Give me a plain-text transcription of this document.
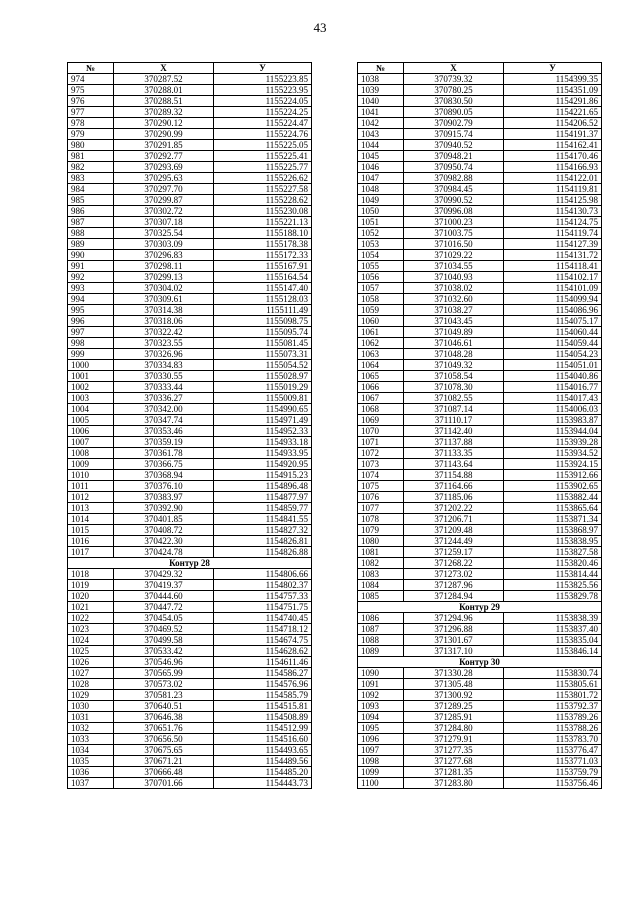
43
№	X	У
974	370287.52	1155223.85
975	370288.01	1155223.95
976	370288.51	1155224.05
977	370289.32	1155224.25
978	370290.12	1155224.47
979	370290.99	1155224.76
980	370291.85	1155225.05
981	370292.77	1155225.41
982	370293.69	1155225.77
983	370295.63	1155226.62
984	370297.70	1155227.58
985	370299.87	1155228.62
986	370302.72	1155230.08
987	370307.18	1155221.13
988	370325.54	1155188.10
989	370303.09	1155178.38
990	370296.83	1155172.33
991	370298.11	1155167.91
992	370299.13	1155164.54
993	370304.02	1155147.40
994	370309.61	1155128.03
995	370314.38	1155111.49
996	370318.06	1155098.75
997	370322.42	1155095.74
998	370323.55	1155081.45
999	370326.96	1155073.31
1000	370334.83	1155054.52
1001	370330.55	1155028.97
1002	370333.44	1155019.29
1003	370336.27	1155009.81
1004	370342.00	1154990.65
1005	370347.74	1154971.49
1006	370353.46	1154952.33
1007	370359.19	1154933.18
1008	370361.78	1154933.95
1009	370366.75	1154920.95
1010	370368.94	1154915.23
1011	370376.10	1154896.48
1012	370383.97	1154877.97
1013	370392.90	1154859.77
1014	370401.85	1154841.55
1015	370408.72	1154827.32
1016	370422.30	1154826.81
1017	370424.78	1154826.88
Контур 28		
1018	370429.32	1154806.66
1019	370419.37	1154802.37
1020	370444.60	1154757.33
1021	370447.72	1154751.75
1022	370454.05	1154740.45
1023	370469.52	1154718.12
1024	370499.58	1154674.75
1025	370533.42	1154628.62
1026	370546.96	1154611.46
1027	370565.99	1154586.27
1028	370573.02	1154576.96
1029	370581.23	1154585.79
1030	370640.51	1154515.81
1031	370646.38	1154508.89
1032	370651.76	1154512.99
1033	370656.50	1154516.60
1034	370675.65	1154493.65
1035	370671.21	1154489.56
1036	370666.48	1154485.20
1037	370701.66	1154443.73
№	X	У
1038	370739.32	1154399.35
1039	370780.25	1154351.09
1040	370830.50	1154291.86
1041	370890.05	1154221.65
1042	370902.79	1154206.52
1043	370915.74	1154191.37
1044	370940.52	1154162.41
1045	370948.21	1154170.46
1046	370950.74	1154166.93
1047	370982.88	1154122.01
1048	370984.45	1154119.81
1049	370990.52	1154125.98
1050	370996.08	1154130.73
1051	371000.23	1154124.75
1052	371003.75	1154119.74
1053	371016.50	1154127.39
1054	371029.22	1154131.72
1055	371034.55	1154118.41
1056	371040.93	1154102.17
1057	371038.02	1154101.09
1058	371032.60	1154099.94
1059	371038.27	1154086.96
1060	371043.45	1154075.17
1061	371049.89	1154060.44
1062	371046.61	1154059.44
1063	371048.28	1154054.23
1064	371049.32	1154051.01
1065	371058.54	1154040.86
1066	371078.30	1154016.77
1067	371082.55	1154017.43
1068	371087.14	1154006.03
1069	371110.17	1153983.87
1070	371142.40	1153944.04
1071	371137.88	1153939.28
1072	371133.35	1153934.52
1073	371143.64	1153924.15
1074	371154.88	1153912.66
1075	371164.66	1153902.65
1076	371185.06	1153882.44
1077	371202.22	1153865.64
1078	371206.71	1153871.34
1079	371209.48	1153868.97
1080	371244.49	1153838.95
1081	371259.17	1153827.58
1082	371268.22	1153820.46
1083	371273.02	1153814.44
1084	371287.96	1153825.56
1085	371284.94	1153829.78
Контур 29		
1086	371294.96	1153838.39
1087	371296.88	1153837.40
1088	371301.67	1153835.04
1089	371317.10	1153846.14
Контур 30		
1090	371330.28	1153830.74
1091	371305.48	1153805.61
1092	371300.92	1153801.72
1093	371289.25	1153792.37
1094	371285.91	1153789.26
1095	371284.80	1153788.26
1096	371279.91	1153783.70
1097	371277.35	1153776.47
1098	371277.68	1153771.03
1099	371281.35	1153759.79
1100	371283.80	1153756.46
